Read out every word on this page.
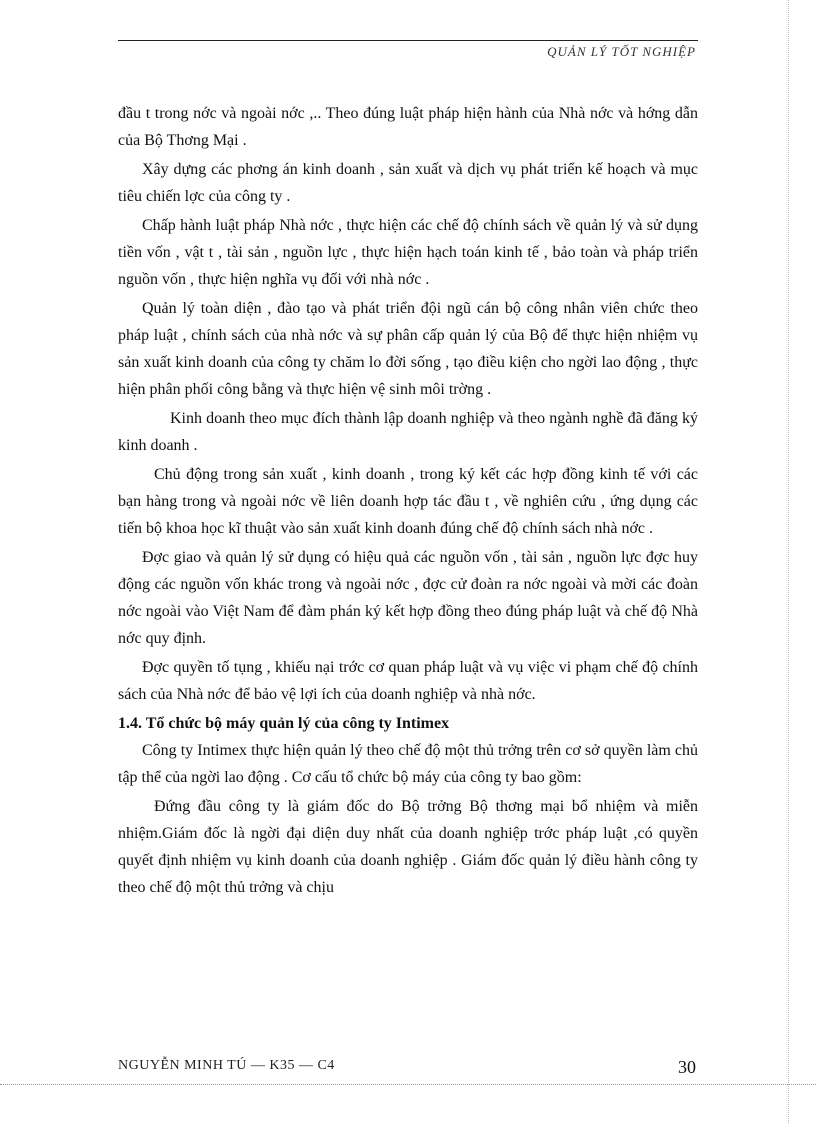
QUẢN LÝ TỐT NGHIỆP

đầu t trong nớc và ngoài nớc ,.. Theo đúng luật pháp hiện hành của Nhà nớc và hớng dẫn của Bộ Thơng Mại .

Xây dựng các phơng án kinh doanh , sản xuất và dịch vụ phát triển kế hoạch và mục tiêu chiến lợc của công ty .

Chấp hành luật pháp Nhà nớc , thực hiện các chế độ chính sách về quản lý và sử dụng tiền vốn , vật t , tài sản , nguồn lực , thực hiện hạch toán kinh tế , bảo toàn và pháp triển nguồn vốn , thực hiện nghĩa vụ đối với nhà nớc .

Quản lý toàn diện , đào tạo và phát triển đội ngũ cán bộ công nhân viên chức theo pháp luật , chính sách của nhà nớc và sự phân cấp quản lý của Bộ để thực hiện nhiệm vụ sản xuất kinh doanh của công ty chăm lo đời sống , tạo điều kiện cho ngời lao động , thực hiện phân phối công bằng và thực hiện vệ sinh môi trờng .

Kinh doanh theo mục đích thành lập doanh nghiệp và theo ngành nghề đã đăng ký kinh doanh .

Chủ động trong sản xuất , kinh doanh , trong ký kết các hợp đồng kinh tế với các bạn hàng trong và ngoài nớc về liên doanh hợp tác đầu t , về nghiên cứu , ứng dụng các tiến bộ khoa học kĩ thuật vào sản xuất kinh doanh đúng chế độ chính sách nhà nớc .

Đợc giao và quản lý sử dụng có hiệu quả các nguồn vốn , tài sản , nguồn lực đợc huy động các nguồn vốn khác trong và ngoài nớc , đợc cử đoàn ra nớc ngoài và mời các đoàn nớc ngoài vào Việt Nam để đàm phán ký kết hợp đồng theo đúng pháp luật và chế độ Nhà nớc quy định.

Đợc quyền tố tụng , khiếu nại trớc cơ quan pháp luật và vụ việc vi phạm chế độ chính sách của Nhà nớc để bảo vệ lợi ích của doanh nghiệp và nhà nớc.

1.4. Tổ chức bộ máy quản lý của công ty Intimex

Công ty Intimex thực hiện quản lý theo chế độ một thủ trởng trên cơ sở quyền làm chủ tập thể của ngời lao động . Cơ cấu tổ chức bộ máy của công ty bao gồm:

Đứng đầu công ty là giám đốc do Bộ trởng Bộ thơng mại bổ nhiệm và miễn nhiệm.Giám đốc là ngời đại diện duy nhất của doanh nghiệp trớc pháp luật ,có quyền quyết định nhiệm vụ kinh doanh của doanh nghiệp . Giám đốc quản lý điều hành công ty theo chế độ một thủ trởng và chịu

NGUYỄN MINH TÚ — K35 — C4	30
